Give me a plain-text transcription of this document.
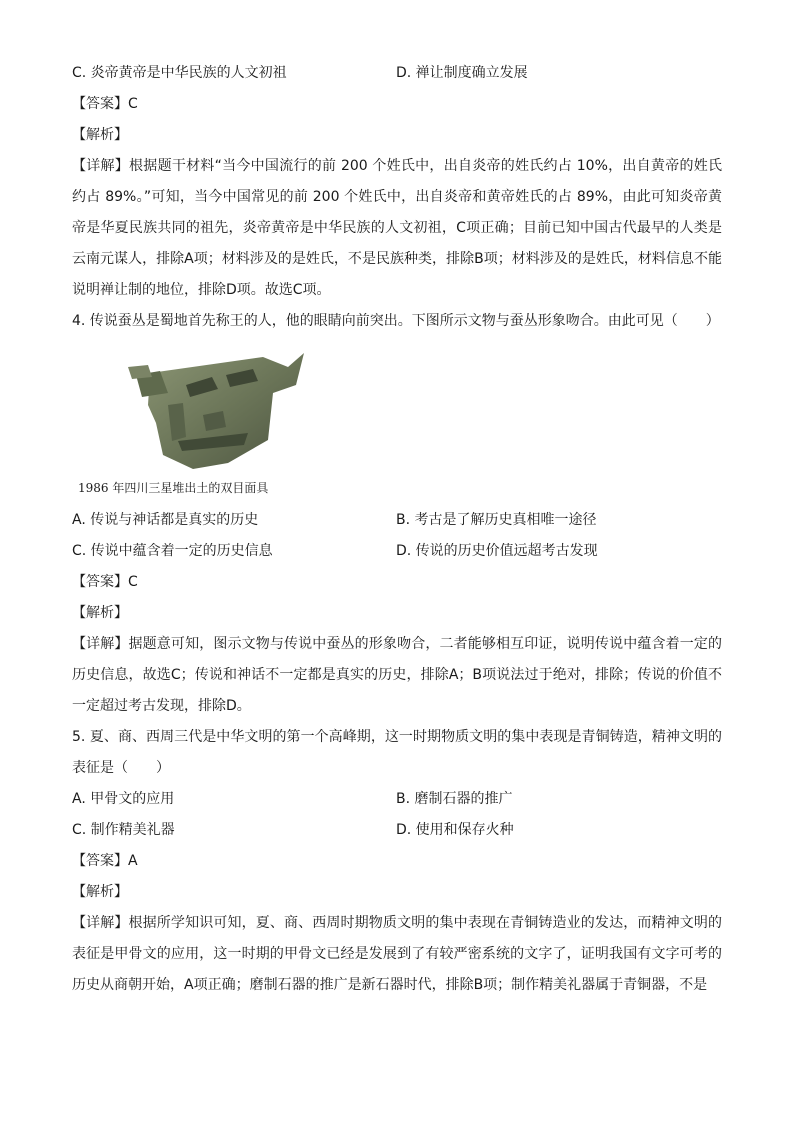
C. 炎帝黄帝是中华民族的人文初祖	D. 禅让制度确立发展
【答案】C
【解析】
【详解】根据题干材料“当今中国流行的前 200 个姓氏中，出自炎帝的姓氏约占 10%，出自黄帝的姓氏约占 89%。”可知，当今中国常见的前 200 个姓氏中，出自炎帝和黄帝姓氏的占 89%，由此可知炎帝黄帝是华夏民族共同的祖先，炎帝黄帝是中华民族的人文初祖，C项正确；目前已知中国古代最早的人类是云南元谋人，排除A项；材料涉及的是姓氏，不是民族种类，排除B项；材料涉及的是姓氏，材料信息不能说明禅让制的地位，排除D项。故选C项。
4. 传说蚕丛是蜀地首先称王的人，他的眼睛向前突出。下图所示文物与蚕丛形象吻合。由此可见（　　）
1986 年四川三星堆出土的双目面具
A. 传说与神话都是真实的历史	B. 考古是了解历史真相唯一途径
C. 传说中蕴含着一定的历史信息	D. 传说的历史价值远超考古发现
【答案】C
【解析】
【详解】据题意可知，图示文物与传说中蚕丛的形象吻合，二者能够相互印证，说明传说中蕴含着一定的历史信息，故选C；传说和神话不一定都是真实的历史，排除A；B项说法过于绝对，排除；传说的价值不一定超过考古发现，排除D。
5. 夏、商、西周三代是中华文明的第一个高峰期，这一时期物质文明的集中表现是青铜铸造，精神文明的表征是（　　）
A. 甲骨文的应用	B. 磨制石器的推广
C. 制作精美礼器	D. 使用和保存火种
【答案】A
【解析】
【详解】根据所学知识可知，夏、商、西周时期物质文明的集中表现在青铜铸造业的发达，而精神文明的表征是甲骨文的应用，这一时期的甲骨文已经是发展到了有较严密系统的文字了，证明我国有文字可考的历史从商朝开始，A项正确；磨制石器的推广是新石器时代，排除B项；制作精美礼器属于青铜器，不是
